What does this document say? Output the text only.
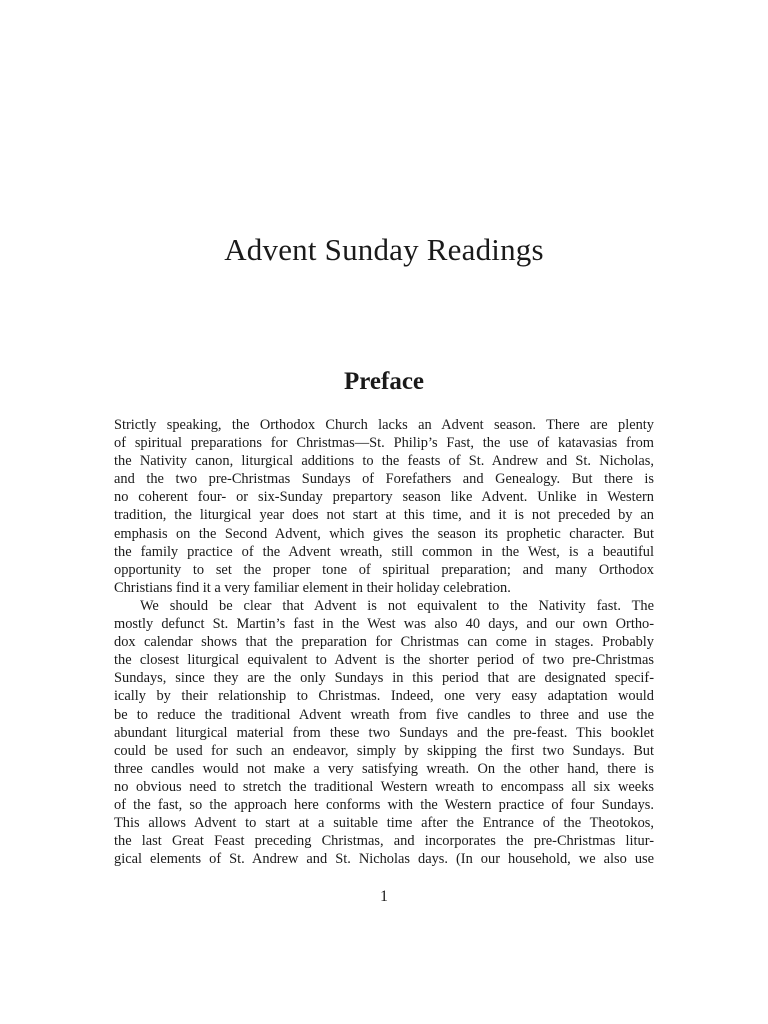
Advent Sunday Readings
Preface
Strictly speaking, the Orthodox Church lacks an Advent season. There are plenty
of spiritual preparations for Christmas—St. Philip’s Fast, the use of katavasias from
the Nativity canon, liturgical additions to the feasts of St. Andrew and St. Nicholas,
and the two pre-Christmas Sundays of Forefathers and Genealogy. But there is
no coherent four- or six-Sunday prepartory season like Advent. Unlike in Western
tradition, the liturgical year does not start at this time, and it is not preceded by an
emphasis on the Second Advent, which gives the season its prophetic character. But
the family practice of the Advent wreath, still common in the West, is a beautiful
opportunity to set the proper tone of spiritual preparation; and many Orthodox
Christians find it a very familiar element in their holiday celebration.
We should be clear that Advent is not equivalent to the Nativity fast. The
mostly defunct St. Martin’s fast in the West was also 40 days, and our own Ortho-
dox calendar shows that the preparation for Christmas can come in stages. Probably
the closest liturgical equivalent to Advent is the shorter period of two pre-Christmas
Sundays, since they are the only Sundays in this period that are designated specif-
ically by their relationship to Christmas. Indeed, one very easy adaptation would
be to reduce the traditional Advent wreath from five candles to three and use the
abundant liturgical material from these two Sundays and the pre-feast. This booklet
could be used for such an endeavor, simply by skipping the first two Sundays. But
three candles would not make a very satisfying wreath. On the other hand, there is
no obvious need to stretch the traditional Western wreath to encompass all six weeks
of the fast, so the approach here conforms with the Western practice of four Sundays.
This allows Advent to start at a suitable time after the Entrance of the Theotokos,
the last Great Feast preceding Christmas, and incorporates the pre-Christmas litur-
gical elements of St. Andrew and St. Nicholas days. (In our household, we also use
1
